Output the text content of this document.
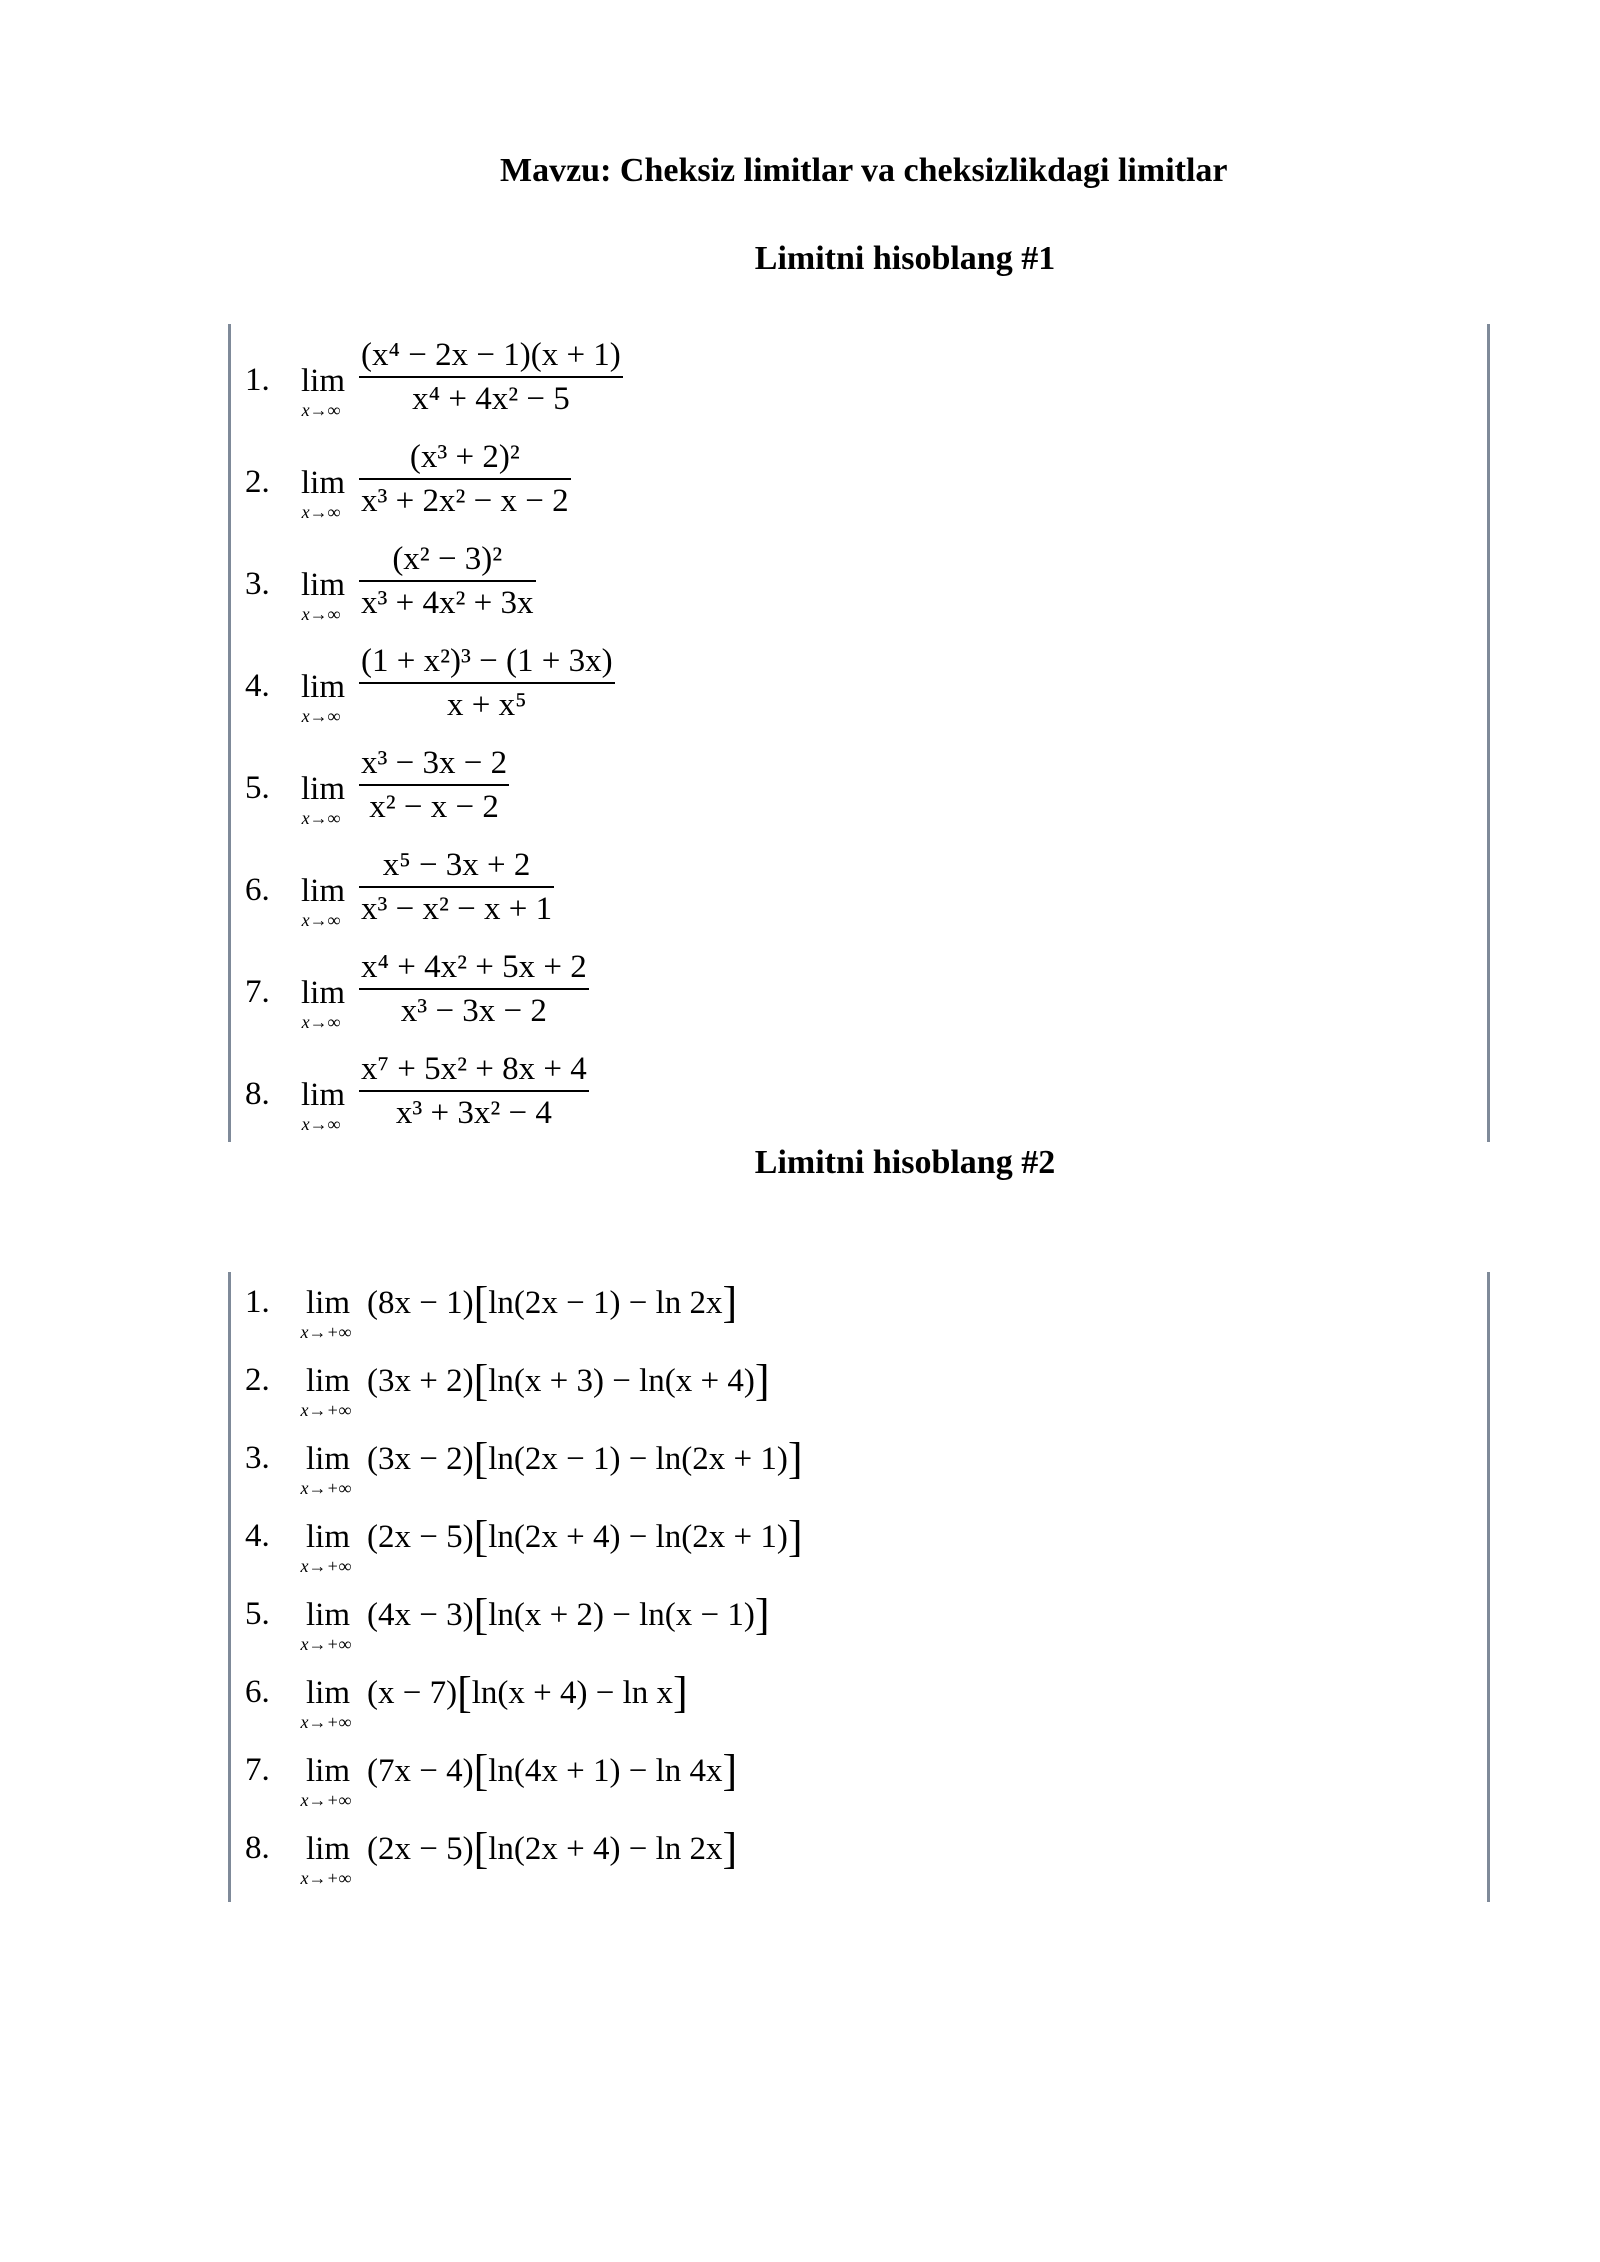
Mavzu: Cheksiz limitlar va cheksizlikdagi limitlar
Limitni hisoblang #1
1. lim
x→∞
(x⁴ − 2x − 1)(x + 1)
x⁴ + 4x² − 5
2. lim
x→∞
(x³ + 2)²
x³ + 2x² − x − 2
3. lim
x→∞
(x² − 3)²
x³ + 4x² + 3x
4. lim
x→∞
(1 + x²)³ − (1 + 3x)
x + x⁵
5. lim
x→∞
x³ − 3x − 2
x² − x − 2
6. lim
x→∞
x⁵ − 3x + 2
x³ − x² − x + 1
7. lim
x→∞
x⁴ + 4x² + 5x + 2
x³ − 3x − 2
8. lim
x→∞
x⁷ + 5x² + 8x + 4
x³ + 3x² − 4
Limitni hisoblang #2
1.	lim
x→+∞
(8x − 1)[ln(2x − 1) − ln 2x]
2.	lim
x→+∞
(3x + 2)[ln(x + 3) − ln(x + 4)]
3.	lim
x→+∞
(3x − 2)[ln(2x − 1) − ln(2x + 1)]
4.	lim
x→+∞
(2x − 5)[ln(2x + 4) − ln(2x + 1)]
5.	lim
x→+∞
(4x − 3)[ln(x + 2) − ln(x − 1)]
6.	lim
x→+∞
(x − 7)[ln(x + 4) − ln x]
7.	lim
x→+∞
(7x − 4)[ln(4x + 1) − ln 4x]
8.	lim
x→+∞
(2x − 5)[ln(2x + 4) − ln 2x]
